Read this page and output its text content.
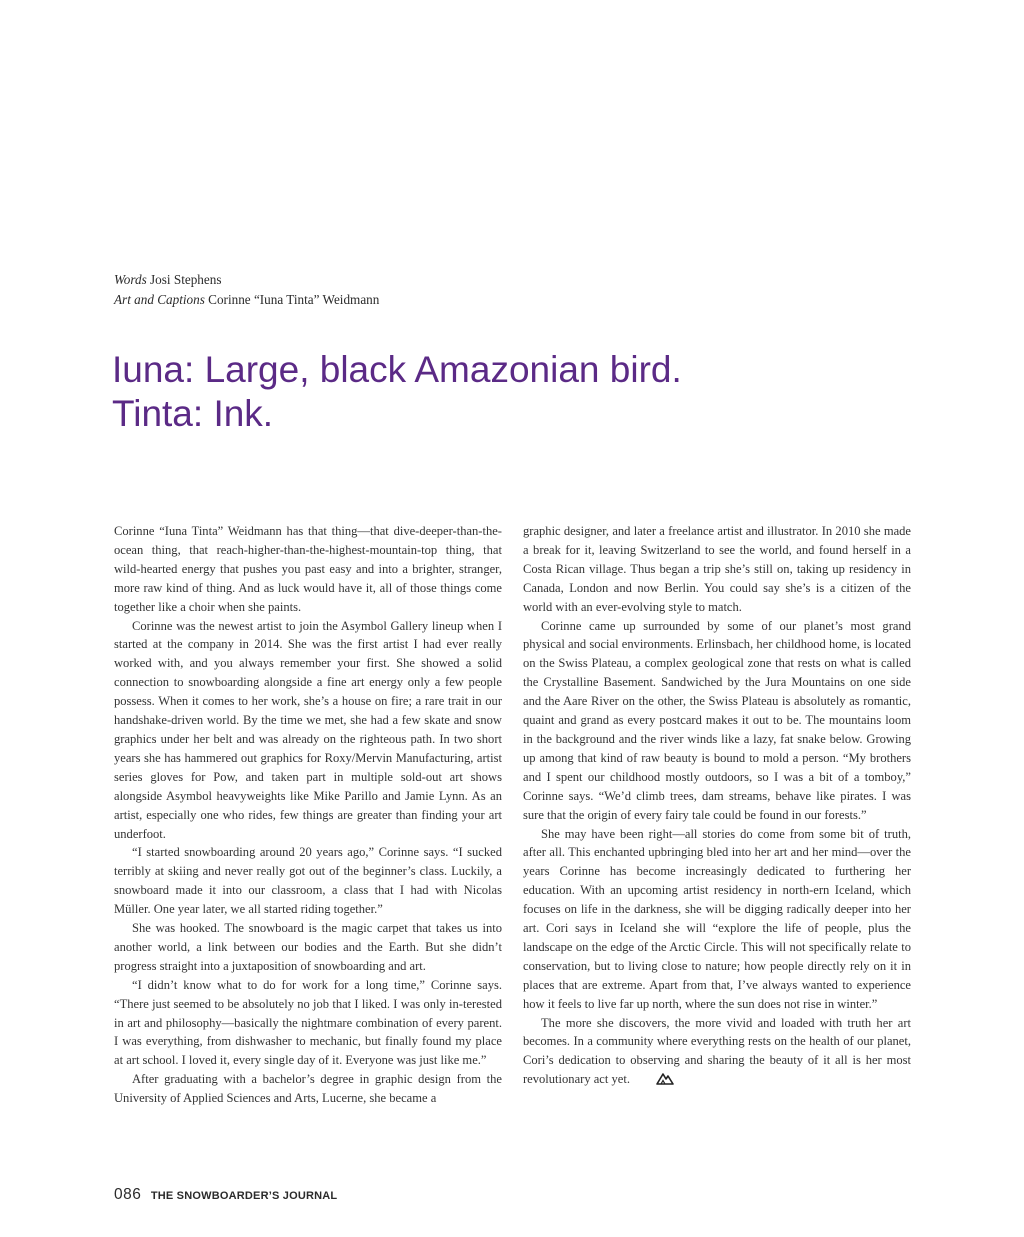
Words Josi Stephens
Art and Captions Corinne “Iuna Tinta” Weidmann
Iuna: Large, black Amazonian bird.
Tinta: Ink.

Corinne “Iuna Tinta” Weidmann has that thing—that dive-deeper-than-the-ocean thing, that reach-higher-than-the-highest-mountain-top thing, that wild-hearted energy that pushes you past easy and into a brighter, stranger, more raw kind of thing. And as luck would have it, all of those things come together like a choir when she paints.

Corinne was the newest artist to join the Asymbol Gallery lineup when I started at the company in 2014. She was the first artist I had ever really worked with, and you always remember your first. She showed a solid connection to snowboarding alongside a fine art energy only a few people possess. When it comes to her work, she’s a house on fire; a rare trait in our handshake-driven world. By the time we met, she had a few skate and snow graphics under her belt and was already on the righteous path. In two short years she has hammered out graphics for Roxy/Mervin Manufacturing, artist series gloves for Pow, and taken part in multiple sold-out art shows alongside Asymbol heavyweights like Mike Parillo and Jamie Lynn. As an artist, especially one who rides, few things are greater than finding your art underfoot.

“I started snowboarding around 20 years ago,” Corinne says. “I sucked terribly at skiing and never really got out of the beginner’s class. Luckily, a snowboard made it into our classroom, a class that I had with Nicolas Müller. One year later, we all started riding together.”

She was hooked. The snowboard is the magic carpet that takes us into another world, a link between our bodies and the Earth. But she didn’t progress straight into a juxtaposition of snowboarding and art.

“I didn’t know what to do for work for a long time,” Corinne says. “There just seemed to be absolutely no job that I liked. I was only in-terested in art and philosophy—basically the nightmare combination of every parent. I was everything, from dishwasher to mechanic, but finally found my place at art school. I loved it, every single day of it. Everyone was just like me.”

After graduating with a bachelor’s degree in graphic design from the University of Applied Sciences and Arts, Lucerne, she became a

graphic designer, and later a freelance artist and illustrator. In 2010 she made a break for it, leaving Switzerland to see the world, and found herself in a Costa Rican village. Thus began a trip she’s still on, taking up residency in Canada, London and now Berlin. You could say she’s is a citizen of the world with an ever-evolving style to match.

Corinne came up surrounded by some of our planet’s most grand physical and social environments. Erlinsbach, her childhood home, is located on the Swiss Plateau, a complex geological zone that rests on what is called the Crystalline Basement. Sandwiched by the Jura Mountains on one side and the Aare River on the other, the Swiss Plateau is absolutely as romantic, quaint and grand as every postcard makes it out to be. The mountains loom in the background and the river winds like a lazy, fat snake below. Growing up among that kind of raw beauty is bound to mold a person. “My brothers and I spent our childhood mostly outdoors, so I was a bit of a tomboy,” Corinne says. “We’d climb trees, dam streams, behave like pirates. I was sure that the origin of every fairy tale could be found in our forests.”

She may have been right—all stories do come from some bit of truth, after all. This enchanted upbringing bled into her art and her mind—over the years Corinne has become increasingly dedicated to furthering her education. With an upcoming artist residency in north-ern Iceland, which focuses on life in the darkness, she will be digging radically deeper into her art. Cori says in Iceland she will “explore the life of people, plus the landscape on the edge of the Arctic Circle. This will not specifically relate to conservation, but to living close to nature; how people directly rely on it in places that are extreme. Apart from that, I’ve always wanted to experience how it feels to live far up north, where the sun does not rise in winter.”

The more she discovers, the more vivid and loaded with truth her art becomes. In a community where everything rests on the health of our planet, Cori’s dedication to observing and sharing the beauty of it all is her most revolutionary act yet.

086 THE SNOWBOARDER’S JOURNAL
